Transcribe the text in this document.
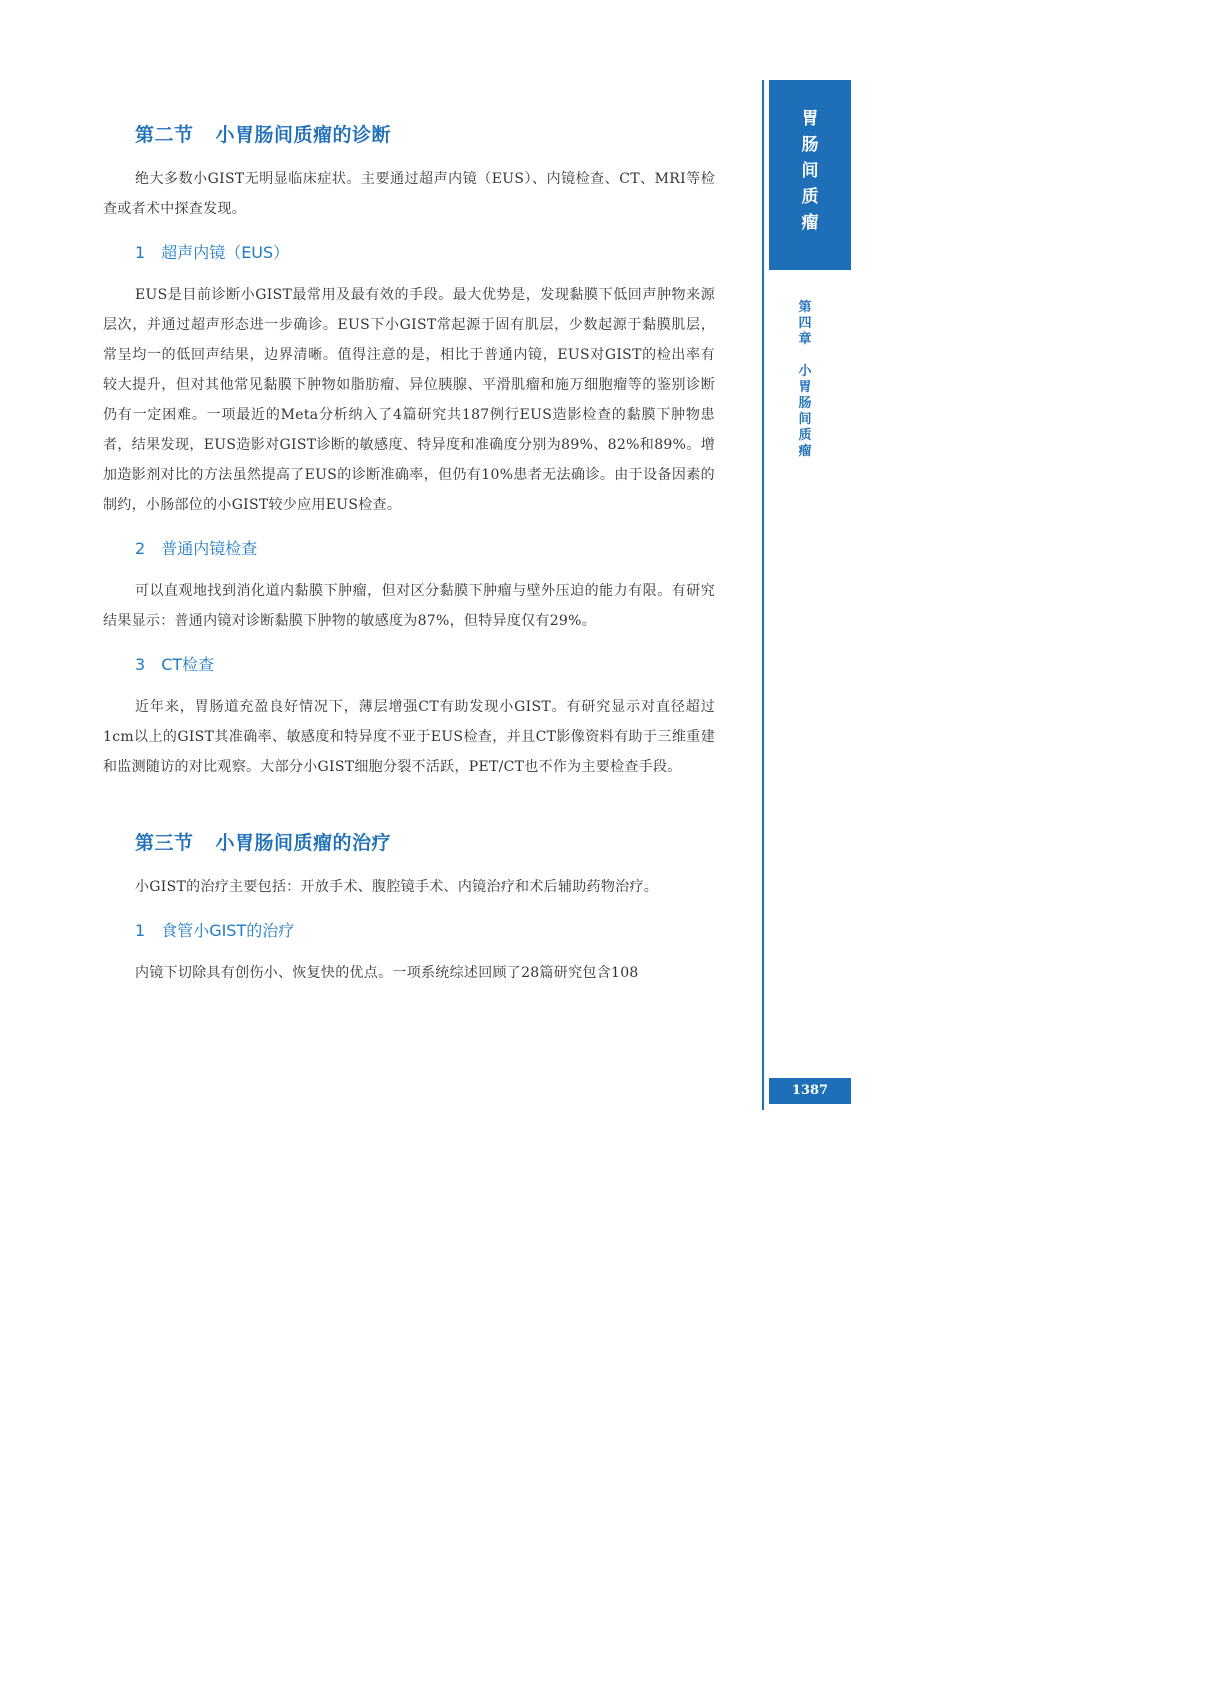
第二节 小胃肠间质瘤的诊断

绝大多数小GIST无明显临床症状。主要通过超声内镜（EUS）、内镜检查、CT、MRI等检查或者术中探查发现。

1 超声内镜（EUS）

EUS是目前诊断小GIST最常用及最有效的手段。最大优势是，发现黏膜下低回声肿物来源层次，并通过超声形态进一步确诊。EUS下小GIST常起源于固有肌层，少数起源于黏膜肌层，常呈均一的低回声结果，边界清晰。值得注意的是，相比于普通内镜，EUS对GIST的检出率有较大提升，但对其他常见黏膜下肿物如脂肪瘤、异位胰腺、平滑肌瘤和施万细胞瘤等的鉴别诊断仍有一定困难。一项最近的Meta分析纳入了4篇研究共187例行EUS造影检查的黏膜下肿物患者，结果发现，EUS造影对GIST诊断的敏感度、特异度和准确度分别为89%、82%和89%。增加造影剂对比的方法虽然提高了EUS的诊断准确率，但仍有10%患者无法确诊。由于设备因素的制约，小肠部位的小GIST较少应用EUS检查。

2 普通内镜检查

可以直观地找到消化道内黏膜下肿瘤，但对区分黏膜下肿瘤与壁外压迫的能力有限。有研究结果显示：普通内镜对诊断黏膜下肿物的敏感度为87%，但特异度仅有29%。

3 CT检查

近年来，胃肠道充盈良好情况下，薄层增强CT有助发现小GIST。有研究显示对直径超过1cm以上的GIST其准确率、敏感度和特异度不亚于EUS检查，并且CT影像资料有助于三维重建和监测随访的对比观察。大部分小GIST细胞分裂不活跃，PET/CT也不作为主要检查手段。

第三节 小胃肠间质瘤的治疗

小GIST的治疗主要包括：开放手术、腹腔镜手术、内镜治疗和术后辅助药物治疗。

1 食管小GIST的治疗

内镜下切除具有创伤小、恢复快的优点。一项系统综述回顾了28篇研究包含108

胃
肠
间
质
瘤
第
四
章
小
胃
肠
间
质
瘤
1387
